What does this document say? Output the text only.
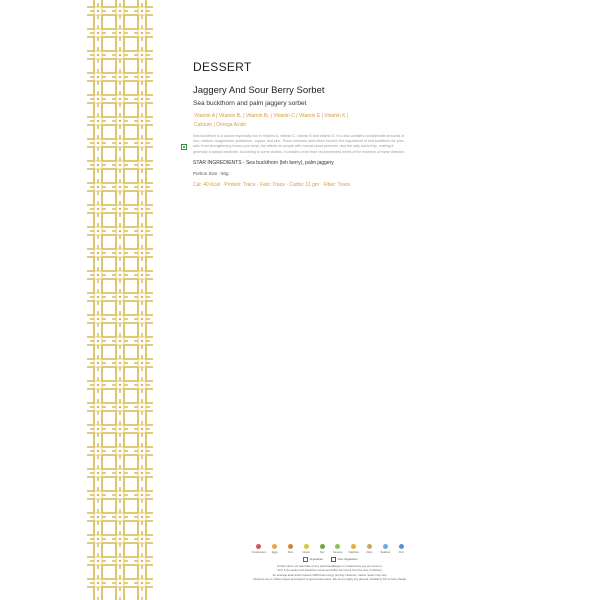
DESSERT
Jaggery And Sour Berry Sorbet
Sea buckthorn and palm jaggery sorbet
Vitamin A | Vitamin B₁ | Vitamin B₂ | Vitamin C | Vitamin E | Vitamin K |
Calcium | Omega Acids
Sea buckthorn is a source especially rich in Vitamin A, vitamin C, vitamin B and vitamin E. It is also contains considerable amounts of iron, calcium, magnesium, potassium, copper, and zinc. These minerals have been found in the ingredients of sea buckthorn for your skin, from strengthening bones your body, the effects on people with normal blood pressure, and the fatty acids help, making it generally a natural medicine. According to some studies, it contains more than recommended levels of the essence of many vitamins.
STAR INGREDIENTS - Sea buckthorn (leh berry), palm jaggery
Portion Size : 60g
Cal: 40 Kcal · Protein: Trace · Fats: Trace · Carbs: 11 gm · Fiber: Trace
Crustaceans Eggs	Nuts	Gluten	Soy	Sesame Sulphites	Dairy	Seafood	Fish
Vegetarian	Non-Vegetarian
Kindly inform our associate of any potential allergies or intolerances you are prone to.
Anti: if we easily food should be consumed within few hours from the time of delivery.
An average adult adult requires 2000 Kcal energy per day. However, calorie needs may vary.
All prices are in Indian rupees and subject to government taxes. We do not apply any (levied) mandatory 5% service charge.
